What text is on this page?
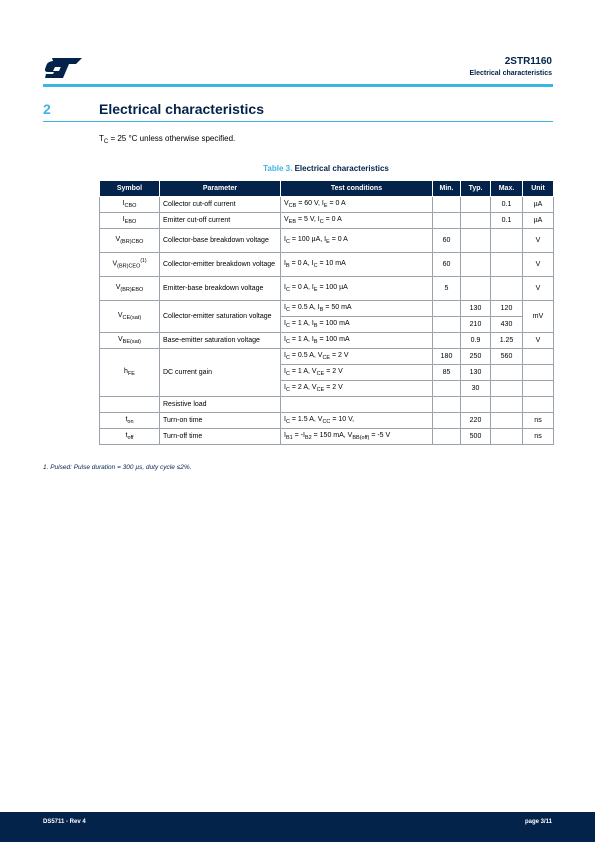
2STR1160
Electrical characteristics
2	Electrical characteristics
$T_C = 25$ °C unless otherwise specified.
Table 3. Electrical characteristics
Symbol	Parameter	Test conditions	Min.	Typ.	Max.	Unit
$I_{CBO}$	Collector cut-off current	$V_{CB} = 60$ V, $I_E = 0$ A			0.1	µA
$I_{EBO}$	Emitter cut-off current	$V_{EB} = 5$ V, $I_C = 0$ A			0.1	µA
$V_{(BR)CBO}$	Collector-base breakdown voltage	$I_C = 100$ µA, $I_E = 0$ A	60			V
$V_{(BR)CEO}^{(1)}$	Collector-emitter breakdown voltage	$I_B = 0$ A, $I_C = 10$ mA	60			V
$V_{(BR)EBO}$	Emitter-base breakdown voltage	$I_C = 0$ A, $I_E = 100$ µA	5			V
$V_{CE(sat)}$	Collector-emitter saturation voltage	$I_C = 0.5$ A, $I_B = 50$ mA		130	120	mV
		$I_C = 1$ A, $I_B = 100$ mA		210	430	
$V_{BE(sat)}$	Base-emitter saturation voltage	$I_C = 1$ A, $I_B = 100$ mA		0.9	1.25	V
$h_{FE}$	DC current gain	$I_C = 0.5$ A, $V_{CE} = 2$ V	180	250	560	
		$I_C = 1$ A, $V_{CE} = 2$ V	85	130		
		$I_C = 2$ A, $V_{CE} = 2$ V		30		
	Resistive load					
$t_{on}$	Turn-on time	$I_C = 1.5$ A, $V_{CC} = 10$ V,		220		ns
$t_{off}$	Turn-off time	$I_{B1} = -I_{B2} = 150$ mA, $V_{BB(off)} = -5$ V		500		ns
1. Pulsed: Pulse duration = 300 µs, duty cycle ≤2%.
DS5711 - Rev 4	page 3/11
